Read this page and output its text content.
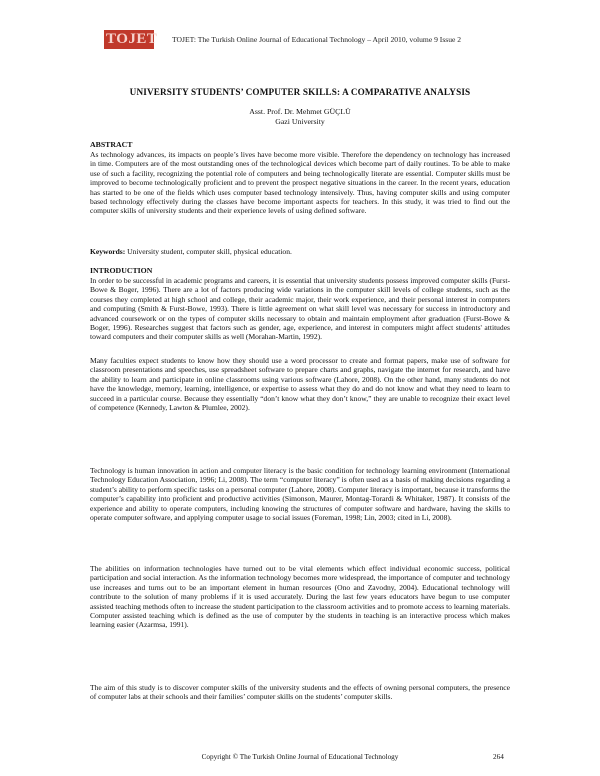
TOJET TOJET: The Turkish Online Journal of Educational Technology – April 2010, volume 9 Issue 2
UNIVERSITY STUDENTS’ COMPUTER SKILLS: A COMPARATIVE ANALYSIS
Asst. Prof. Dr. Mehmet GÜÇLÜ
Gazi University
ABSTRACT
As technology advances, its impacts on people’s lives have become more visible. Therefore the dependency on technology has increased in time. Computers are of the most outstanding ones of the technological devices which become part of daily routines. To be able to make use of such a facility, recognizing the potential role of computers and being technologically literate are essential. Computer skills must be improved to become technologically proficient and to prevent the prospect negative situations in the career. In the recent years, education has started to be one of the fields which uses computer based technology intensively. Thus, having computer skills and using computer based technology effectively during the classes have become important aspects for teachers. In this study, it was tried to find out the computer skills of university students and their experience levels of using defined software.
Keywords: University student, computer skill, physical education.
INTRODUCTION
In order to be successful in academic programs and careers, it is essential that university students possess improved computer skills (Furst-Bowe & Boger, 1996). There are a lot of factors producing wide variations in the computer skill levels of college students, such as the courses they completed at high school and college, their academic major, their work experience, and their personal interest in computers and computing (Smith & Furst-Bowe, 1993). There is little agreement on what skill level was necessary for success in introductory and advanced coursework or on the types of computer skills necessary to obtain and maintain employment after graduation (Furst-Bowe & Boger, 1996). Researches suggest that factors such as gender, age, experience, and interest in computers might affect students' attitudes toward computers and their computer skills as well (Morahan-Martin, 1992).
Many faculties expect students to know how they should use a word processor to create and format papers, make use of software for classroom presentations and speeches, use spreadsheet software to prepare charts and graphs, navigate the internet for research, and have the ability to learn and participate in online classrooms using various software (Lahore, 2008). On the other hand, many students do not have the knowledge, memory, learning, intelligence, or expertise to assess what they do and do not know and what they need to learn to succeed in a particular course. Because they essentially “don’t know what they don’t know,” they are unable to recognize their exact level of competence (Kennedy, Lawton & Plumlee, 2002).
Technology is human innovation in action and computer literacy is the basic condition for technology learning environment (International Technology Education Association, 1996; Li, 2008). The term “computer literacy” is often used as a basis of making decisions regarding a student’s ability to perform specific tasks on a personal computer (Lahore, 2008). Computer literacy is important, because it transforms the computer’s capability into proficient and productive activities (Simonson, Maurer, Montag-Torardi & Whitaker, 1987). It consists of the experience and ability to operate computers, including knowing the structures of computer software and hardware, having the skills to operate computer software, and applying computer usage to social issues (Foreman, 1998; Lin, 2003; cited in Li, 2008).
The abilities on information technologies have turned out to be vital elements which effect individual economic success, political participation and social interaction. As the information technology becomes more widespread, the importance of computer and technology use increases and turns out to be an important element in human resources (Ono and Zavodny, 2004). Educational technology will contribute to the solution of many problems if it is used accurately. During the last few years educators have begun to use computer assisted teaching methods often to increase the student participation to the classroom activities and to promote access to learning materials. Computer assisted teaching which is defined as the use of computer by the students in teaching is an interactive process which makes learning easier (Azarmsa, 1991).
The aim of this study is to discover computer skills of the university students and the effects of owning personal computers, the presence of computer labs at their schools and their families’ computer skills on the students’ computer skills.
Copyright © The Turkish Online Journal of Educational Technology	264
